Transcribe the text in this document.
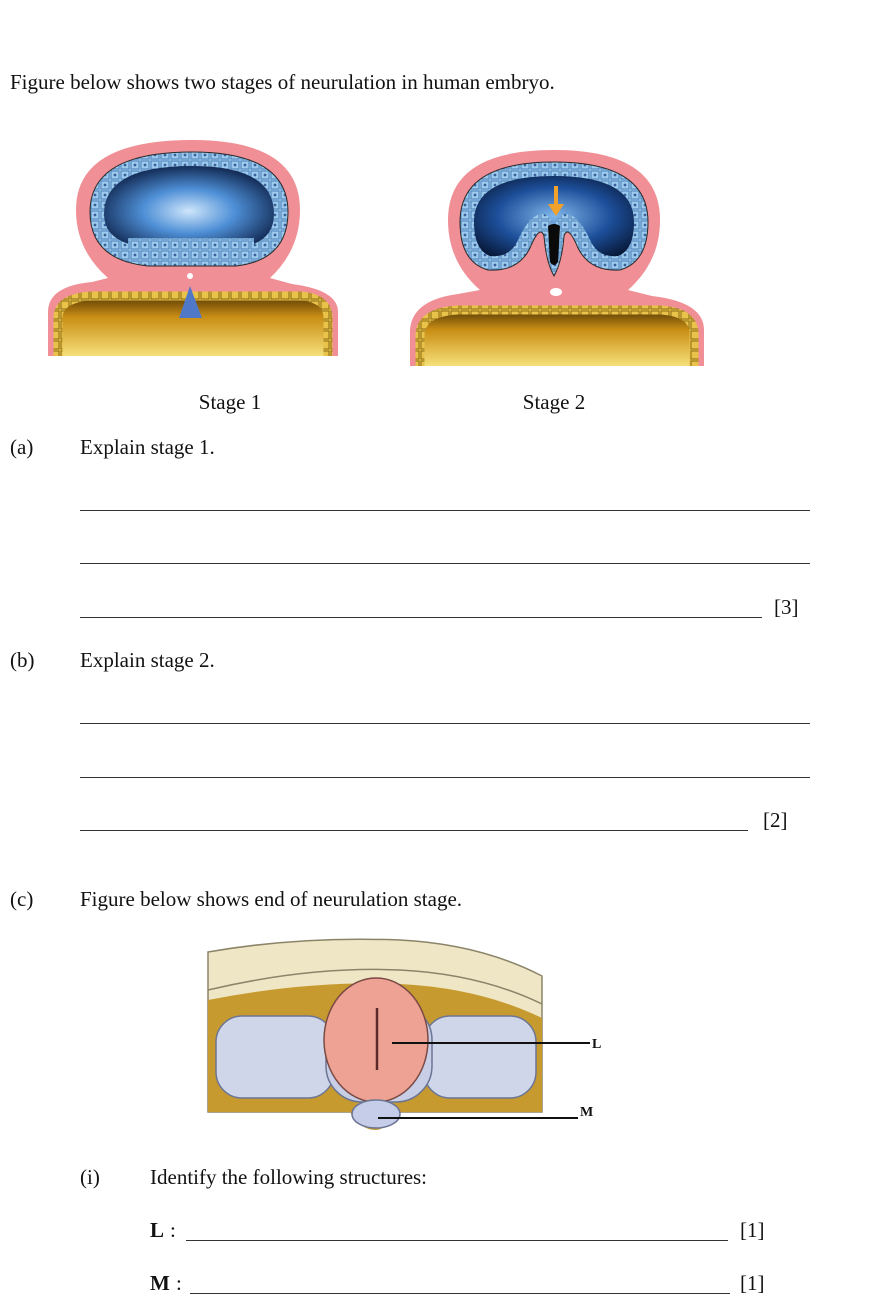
Figure below shows two stages of neurulation in human embryo.
Stage 1	Stage 2
(a) Explain stage 1.
[3]
(b) Explain stage 2.
[2]
(c) Figure below shows end of neurulation stage.
L
M
(i) Identify the following structures:
L :	[1]
M :	[1]
